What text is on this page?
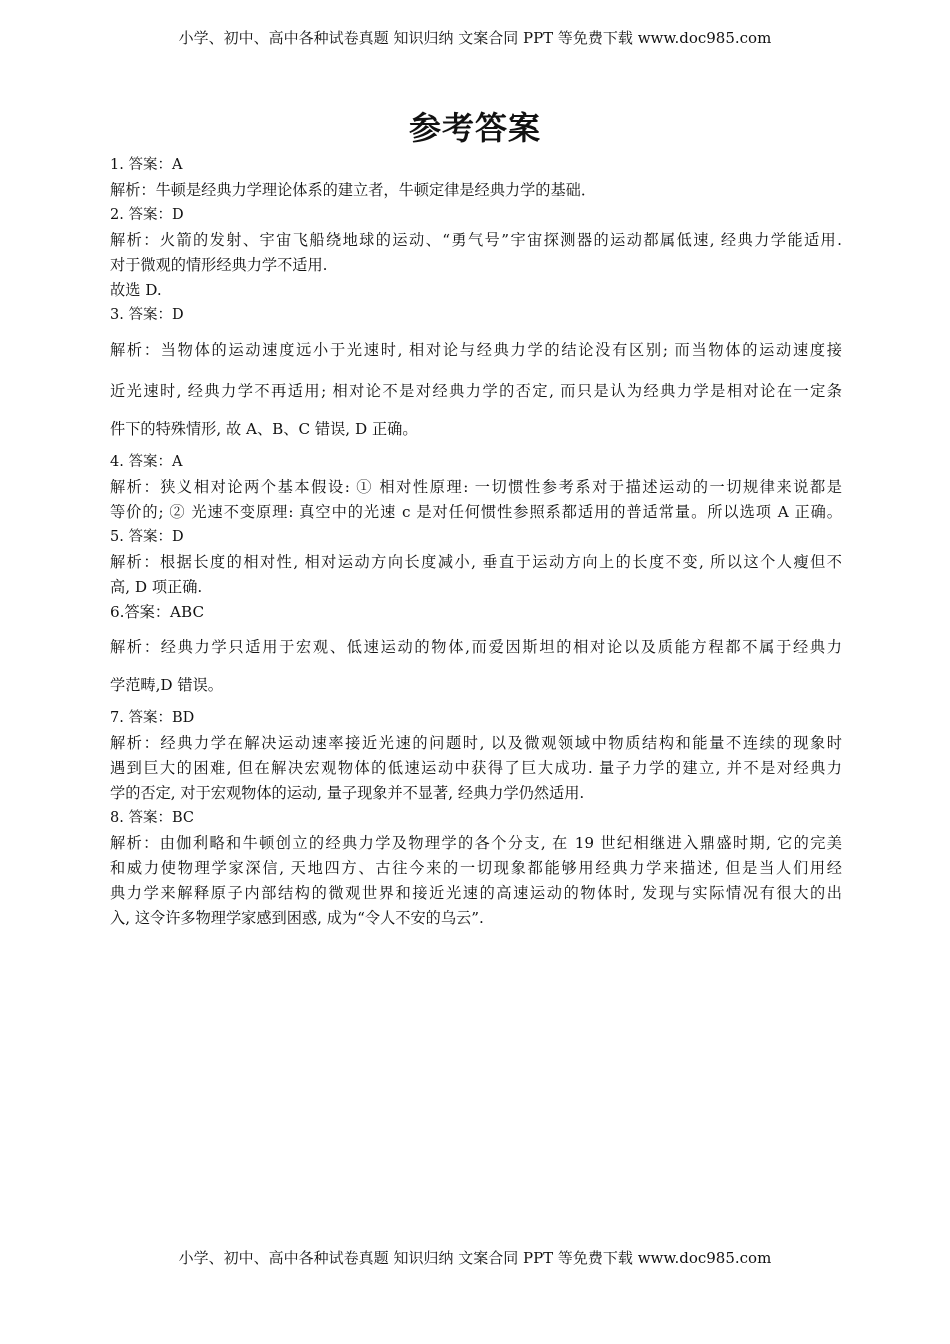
小学、初中、高中各种试卷真题 知识归纳 文案合同 PPT 等免费下载 www.doc985.com
参考答案
1. 答案：A
解析：牛顿是经典力学理论体系的建立者，牛顿定律是经典力学的基础．
2. 答案：D
解析：火箭的发射、宇宙飞船绕地球的运动、“勇气号”宇宙探测器的运动都属低速, 经典力学能适用.
对于微观的情形经典力学不适用.
故选 D.
3. 答案：D
解析：当物体的运动速度远小于光速时, 相对论与经典力学的结论没有区别; 而当物体的运动速度接
近光速时, 经典力学不再适用; 相对论不是对经典力学的否定, 而只是认为经典力学是相对论在一定条
件下的特殊情形, 故 A、B、C 错误, D 正确。
4. 答案：A
解析：狭义相对论两个基本假设: ① 相对性原理: 一切惯性参考系对于描述运动的一切规律来说都是
等价的; ② 光速不变原理: 真空中的光速 c 是对任何惯性参照系都适用的普适常量。所以选项 A 正确。
5. 答案：D
解析：根据长度的相对性, 相对运动方向长度减小, 垂直于运动方向上的长度不变, 所以这个人瘦但不
高, D 项正确.
6.答案：ABC
解析：经典力学只适用于宏观、低速运动的物体,而爱因斯坦的相对论以及质能方程都不属于经典力
学范畴,D 错误。
7. 答案：BD
解析：经典力学在解决运动速率接近光速的问题时, 以及微观领域中物质结构和能量不连续的现象时
遇到巨大的困难, 但在解决宏观物体的低速运动中获得了巨大成功. 量子力学的建立, 并不是对经典力
学的否定, 对于宏观物体的运动, 量子现象并不显著, 经典力学仍然适用.
8. 答案：BC
解析：由伽利略和牛顿创立的经典力学及物理学的各个分支, 在 19 世纪相继进入鼎盛时期, 它的完美
和威力使物理学家深信, 天地四方、古往今来的一切现象都能够用经典力学来描述, 但是当人们用经
典力学来解释原子内部结构的微观世界和接近光速的高速运动的物体时, 发现与实际情况有很大的出
入, 这令许多物理学家感到困惑, 成为“令人不安的乌云”.
小学、初中、高中各种试卷真题 知识归纳 文案合同 PPT 等免费下载 www.doc985.com
